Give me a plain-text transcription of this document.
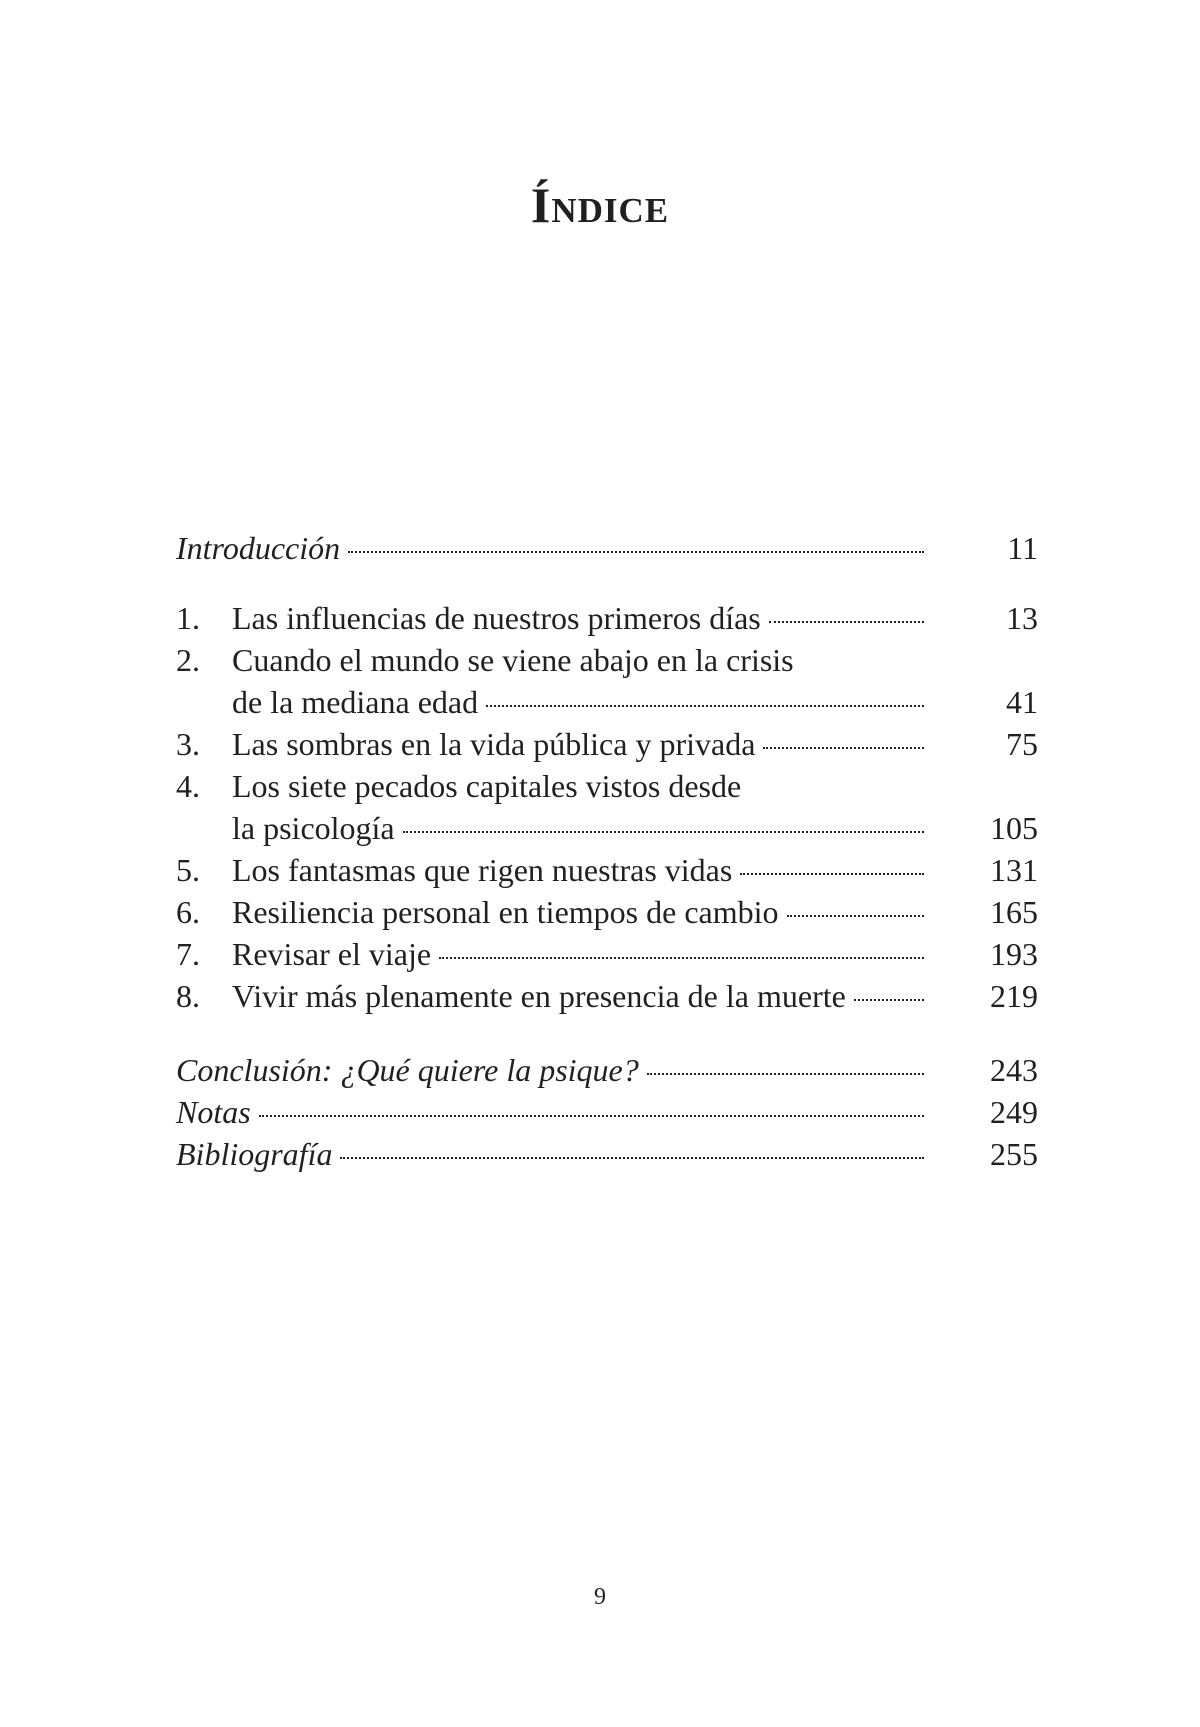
Índice
Introducción	11
1. Las influencias de nuestros primeros días	13
2. Cuando el mundo se viene abajo en la crisis
de la mediana edad	41
3. Las sombras en la vida pública y privada	75
4. Los siete pecados capitales vistos desde
la psicología	105
5. Los fantasmas que rigen nuestras vidas	131
6. Resiliencia personal en tiempos de cambio	165
7. Revisar el viaje	193
8. Vivir más plenamente en presencia de la muerte	219
Conclusión: ¿Qué quiere la psique?	243
Notas	249
Bibliografía	255
9
